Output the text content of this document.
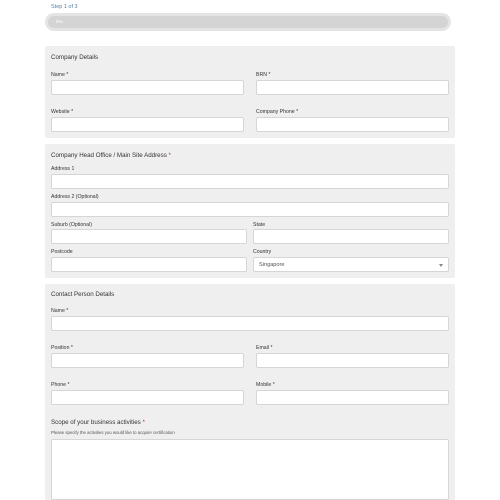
Step 1 of 3
0%
Company Details
Name *	BRN *
Website *	Company Phone *
Company Head Office / Main Site Address *
Address 1
Address 2 (Optional)
Suburb (Optional)	State
Postcode	Country
Singapore
Contact Person Details
Name *
Position *	Email *
Phone *	Mobile *
Scope of your business activities *
Please specify the activities you would like to acquire certification
